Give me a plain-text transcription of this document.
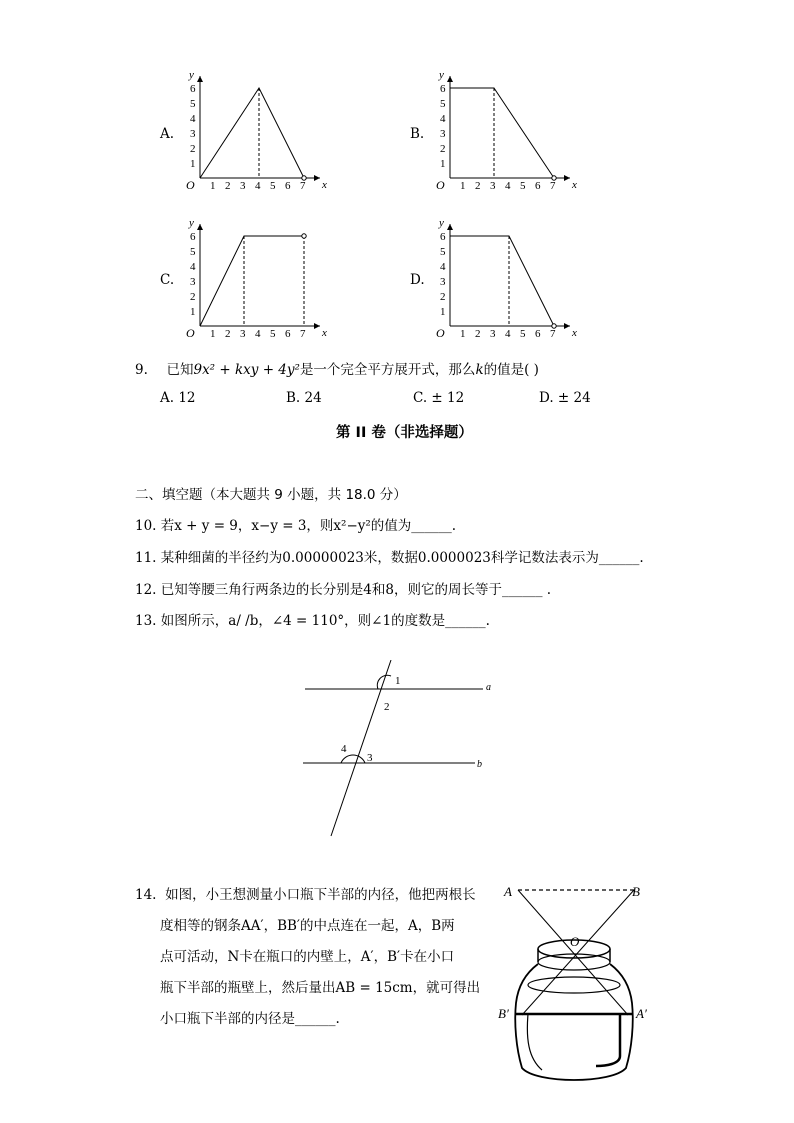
A.
y
x
O
6
5
4
3
2
1
1 2 3 4 5 6 7
B.
y
x
O
6
5
4
3
2
1
1 2 3 4 5 6 7
C.
y
x
O
6
5
4
3
2
1
1 2 3 4 5 6 7
D.
y
x
O
6
5
4
3
2
1
1 2 3 4 5 6 7
9. 已知9x² + kxy + 4y²是一个完全平方展开式，那么k的值是( )
A. 12	B. 24	C. ± 12	D. ± 24
第 II 卷（非选择题）
二、填空题（本大题共 9 小题，共 18.0 分）
10. 若x + y = 9，x−y = 3，则x²−y²的值为______.
11. 某种细菌的半径约为0.00000023米，数据0.0000023科学记数法表示为______.
12. 已知等腰三角行两条边的长分别是4和8，则它的周长等于______ .
13. 如图所示，a/ /b，∠4 = 110°，则∠1的度数是______.
1
2
4
3
a
b
14. 如图，小王想测量小口瓶下半部的内径，他把两根长
度相等的钢条AA′，BB′的中点连在一起，A，B两
点可活动，N卡在瓶口的内壁上，A′，B′卡在小口
瓶下半部的瓶壁上，然后量出AB = 15cm，就可得出
小口瓶下半部的内径是______.
A	B
O
B′	A′
